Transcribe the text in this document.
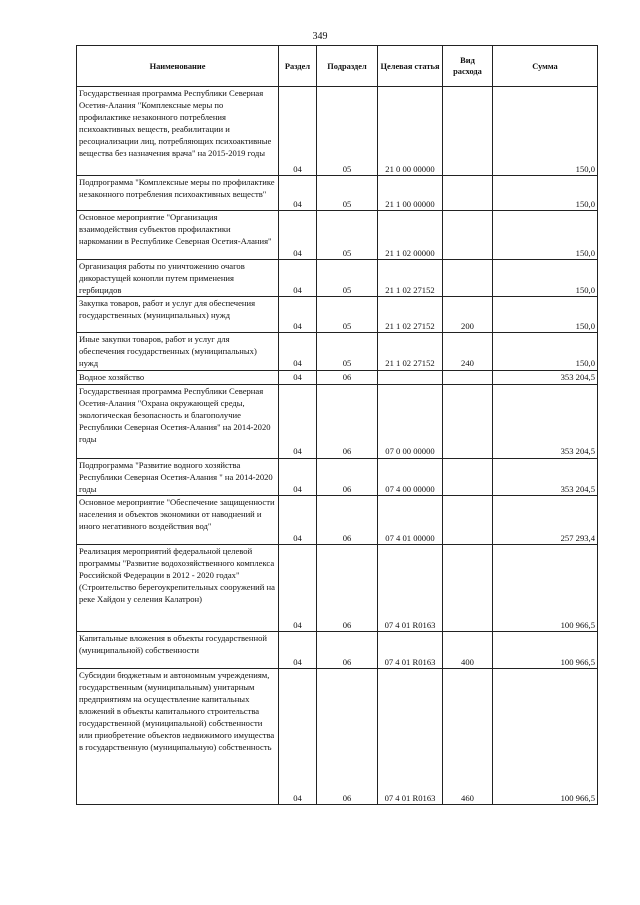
349
Наименование	Раздел	Подраздел	Целевая статья	Вид расхода	Сумма
Государственная программа Республики Северная Осетия-Алания "Комплексные меры по профилактике незаконного потребления психоактивных веществ, реабилитации и ресоциализации лиц, потребляющих психоактивные вещества без назначения врача" на 2015-2019 годы	04	05	21 0 00 00000		150,0
Подпрограмма "Комплексные меры по профилактике незаконного потребления психоактивных веществ"	04	05	21 1 00 00000		150,0
Основное мероприятие "Организация взаимодействия субъектов профилактики наркомании в Республике Северная Осетия-Алания"	04	05	21 1 02 00000		150,0
Организация работы по уничтожению очагов дикорастущей конопли путем применения гербицидов	04	05	21 1 02 27152		150,0
Закупка товаров, работ и услуг для обеспечения государственных (муниципальных) нужд	04	05	21 1 02 27152	200	150,0
Иные закупки товаров, работ и услуг для обеспечения государственных (муниципальных) нужд	04	05	21 1 02 27152	240	150,0
Водное хозяйство	04	06			353 204,5
Государственная программа Республики Северная Осетия-Алания "Охрана окружающей среды, экологическая безопасность и благополучие Республики Северная Осетия-Алания" на 2014-2020 годы	04	06	07 0 00 00000		353 204,5
Подпрограмма "Развитие водного хозяйства Республики Северная Осетия-Алания " на 2014-2020 годы	04	06	07 4 00 00000		353 204,5
Основное мероприятие "Обеспечение защищенности населения и объектов экономики от наводнений и иного негативного воздействия вод"	04	06	07 4 01 00000		257 293,4
Реализация мероприятий федеральной целевой программы "Развитие водохозяйственного комплекса Российской Федерации в 2012 - 2020 годах" (Строительство берегоукрепительных сооружений на реке Хайдон у селения Калатрон)	04	06	07 4 01 R0163		100 966,5
Капитальные вложения в объекты государственной (муниципальной) собственности	04	06	07 4 01 R0163	400	100 966,5
Субсидии бюджетным и автономным учреждениям, государственным (муниципальным) унитарным предприятиям на осуществление капитальных вложений в объекты капитального строительства государственной (муниципальной) собственности или приобретение объектов недвижимого имущества в государственную (муниципальную) собственность	04	06	07 4 01 R0163	460	100 966,5
